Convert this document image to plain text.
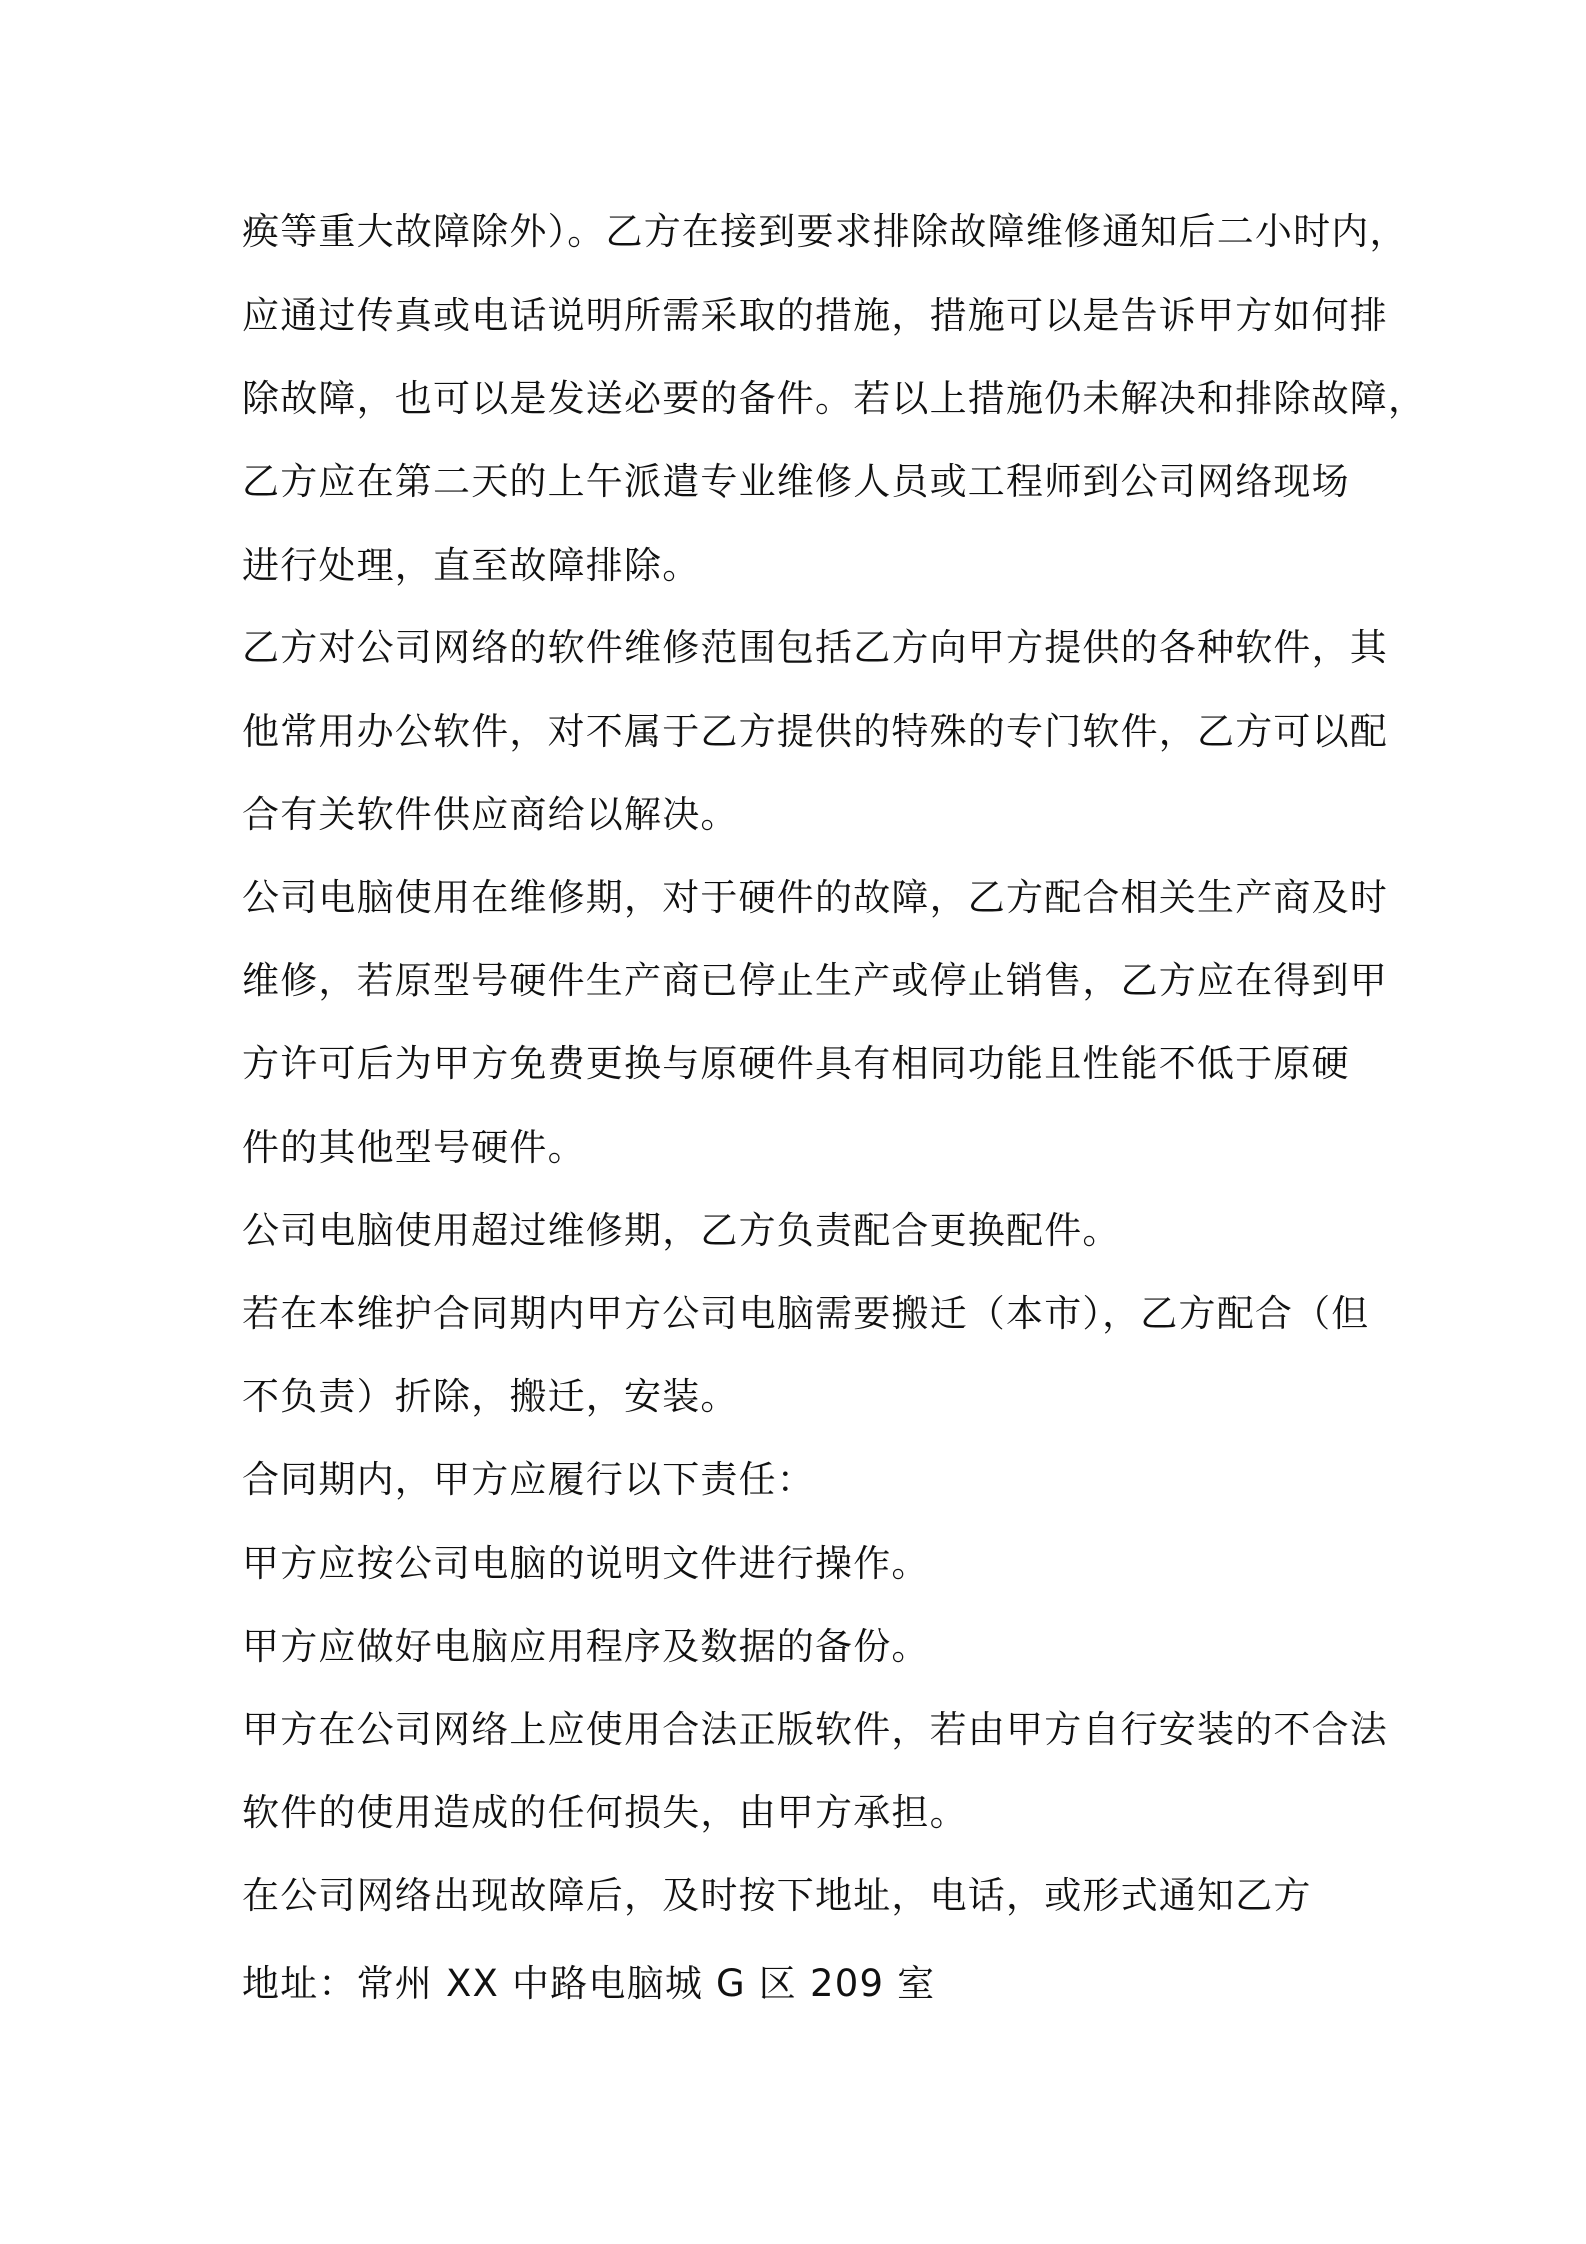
痪等重大故障除外）。乙方在接到要求排除故障维修通知后二小时内，

应通过传真或电话说明所需采取的措施，措施可以是告诉甲方如何排

除故障，也可以是发送必要的备件。若以上措施仍未解决和排除故障，

乙方应在第二天的上午派遣专业维修人员或工程师到公司网络现场

进行处理，直至故障排除。

乙方对公司网络的软件维修范围包括乙方向甲方提供的各种软件，其

他常用办公软件，对不属于乙方提供的特殊的专门软件，乙方可以配

合有关软件供应商给以解决。

公司电脑使用在维修期，对于硬件的故障，乙方配合相关生产商及时

维修，若原型号硬件生产商已停止生产或停止销售，乙方应在得到甲

方许可后为甲方免费更换与原硬件具有相同功能且性能不低于原硬

件的其他型号硬件。

公司电脑使用超过维修期，乙方负责配合更换配件。

若在本维护合同期内甲方公司电脑需要搬迁（本市），乙方配合（但

不负责）折除，搬迁，安装。

合同期内，甲方应履行以下责任：

甲方应按公司电脑的说明文件进行操作。

甲方应做好电脑应用程序及数据的备份。

甲方在公司网络上应使用合法正版软件，若由甲方自行安装的不合法

软件的使用造成的任何损失，由甲方承担。

在公司网络出现故障后，及时按下地址，电话，或形式通知乙方

地址：常州 XX 中路电脑城 G 区 209 室
